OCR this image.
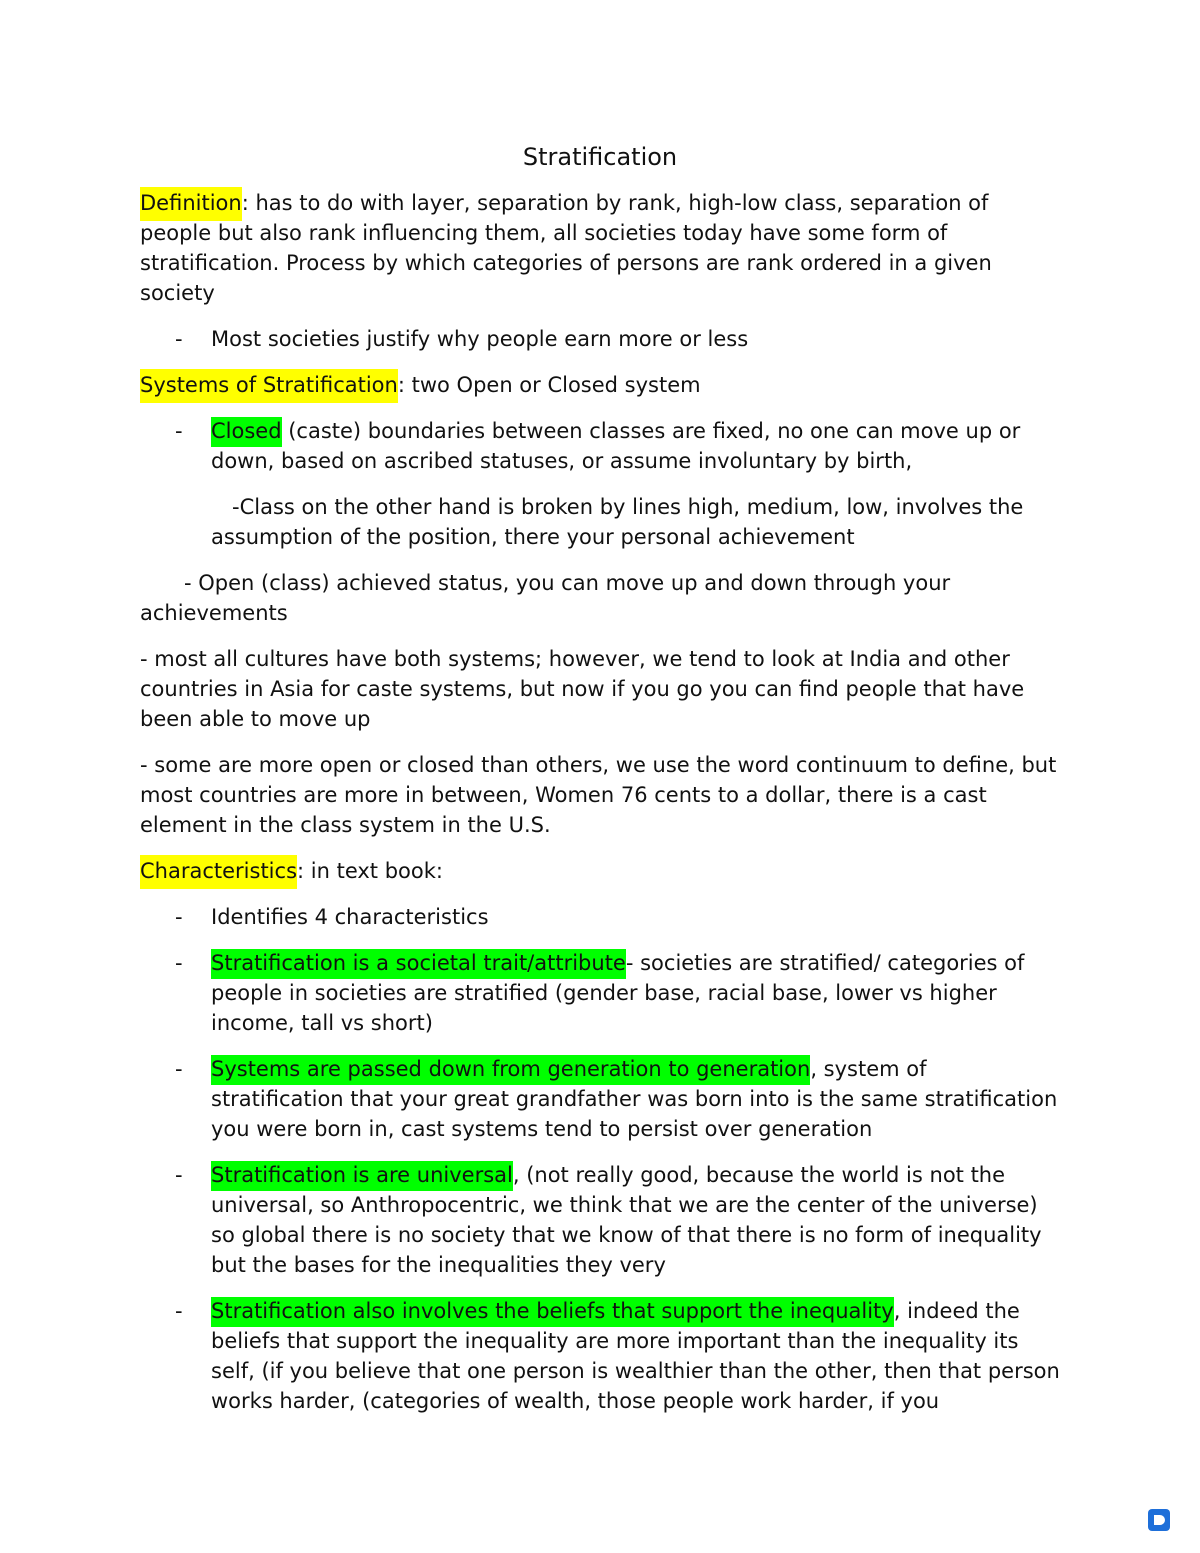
Stratification

Definition: has to do with layer, separation by rank, high-low class, separation of people but also rank influencing them, all societies today have some form of stratification. Process by which categories of persons are rank ordered in a given society

- Most societies justify why people earn more or less

Systems of Stratification: two Open or Closed system

- Closed (caste) boundaries between classes are fixed, no one can move up or down, based on ascribed statuses, or assume involuntary by birth,

-Class on the other hand is broken by lines high, medium, low, involves the assumption of the position, there your personal achievement

- Open (class) achieved status, you can move up and down through your achievements

- most all cultures have both systems; however, we tend to look at India and other countries in Asia for caste systems, but now if you go you can find people that have been able to move up

- some are more open or closed than others, we use the word continuum to define, but most countries are more in between, Women 76 cents to a dollar, there is a cast element in the class system in the U.S.

Characteristics: in text book:

- Identifies 4 characteristics

- Stratification is a societal trait/attribute- societies are stratified/ categories of people in societies are stratified (gender base, racial base, lower vs higher income, tall vs short)

- Systems are passed down from generation to generation, system of stratification that your great grandfather was born into is the same stratification you were born in, cast systems tend to persist over generation

- Stratification is are universal, (not really good, because the world is not the universal, so Anthropocentric, we think that we are the center of the universe) so global there is no society that we know of that there is no form of inequality but the bases for the inequalities they very

- Stratification also involves the beliefs that support the inequality, indeed the beliefs that support the inequality are more important than the inequality its self, (if you believe that one person is wealthier than the other, then that person works harder, (categories of wealth, those people work harder, if you
